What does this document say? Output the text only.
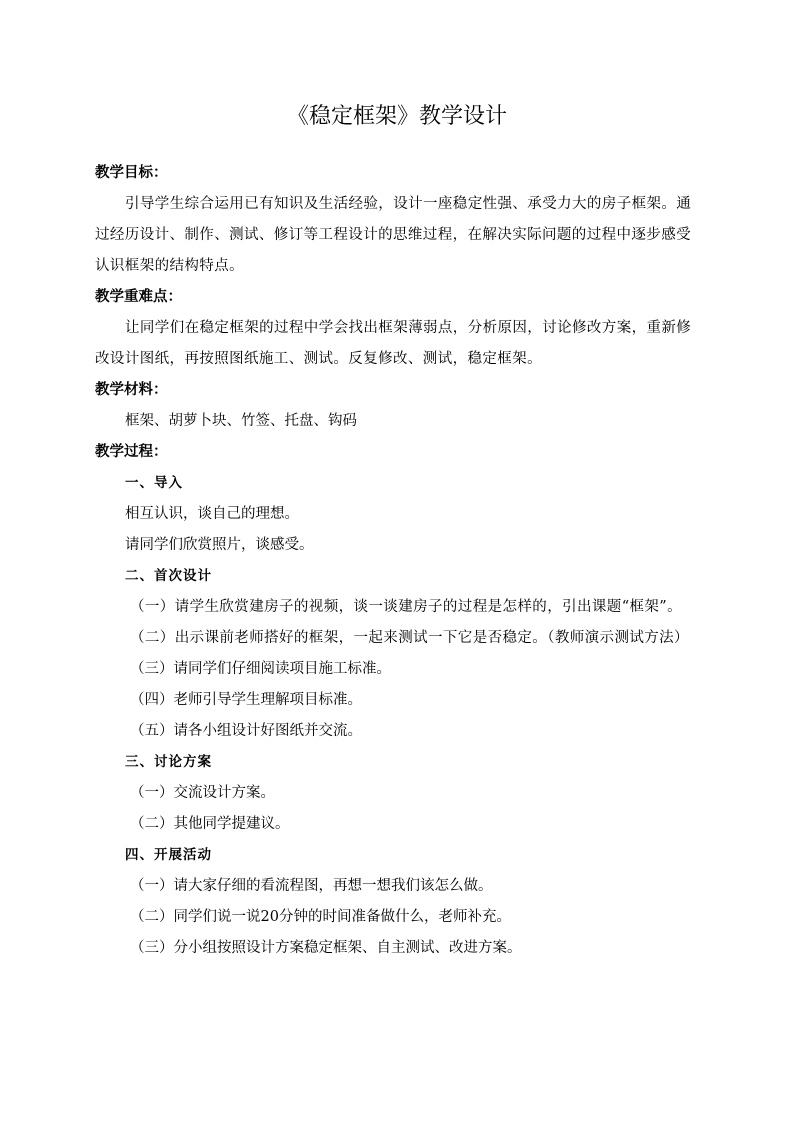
《稳定框架》教学设计
教学目标：
引导学生综合运用已有知识及生活经验，设计一座稳定性强、承受力大的房子框架。通过经历设计、制作、测试、修订等工程设计的思维过程，在解决实际问题的过程中逐步感受认识框架的结构特点。
教学重难点：
让同学们在稳定框架的过程中学会找出框架薄弱点，分析原因，讨论修改方案，重新修改设计图纸，再按照图纸施工、测试。反复修改、测试，稳定框架。
教学材料：
框架、胡萝卜块、竹签、托盘、钩码
教学过程：
一、导入
相互认识，谈自己的理想。
请同学们欣赏照片，谈感受。
二、首次设计
（一）请学生欣赏建房子的视频，谈一谈建房子的过程是怎样的，引出课题“框架”。
（二）出示课前老师搭好的框架，一起来测试一下它是否稳定。（教师演示测试方法）
（三）请同学们仔细阅读项目施工标准。
（四）老师引导学生理解项目标准。
（五）请各小组设计好图纸并交流。
三、讨论方案
（一）交流设计方案。
（二）其他同学提建议。
四、开展活动
（一）请大家仔细的看流程图，再想一想我们该怎么做。
（二）同学们说一说20分钟的时间准备做什么，老师补充。
（三）分小组按照设计方案稳定框架、自主测试、改进方案。
